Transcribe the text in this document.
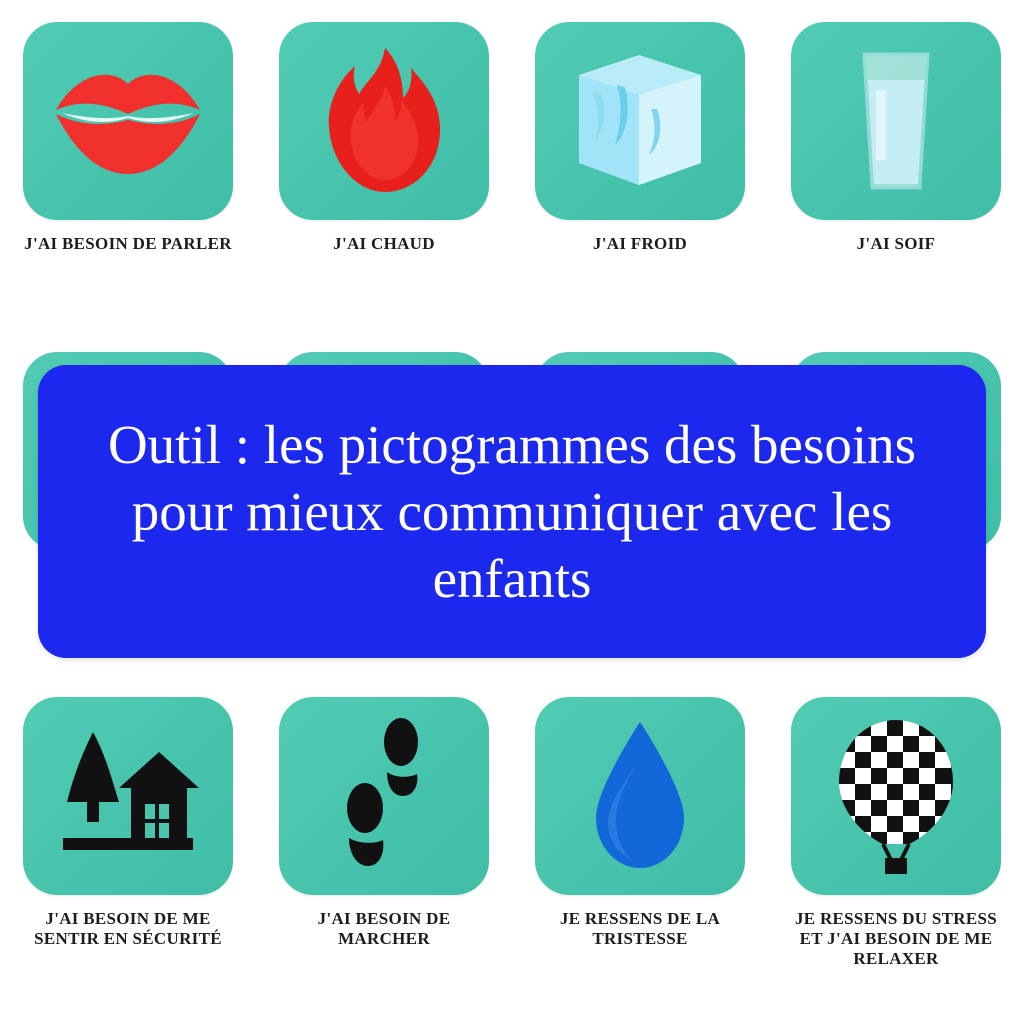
J'AI BESOIN DE PARLER	J'AI CHAUD	J'AI FROID	J'AI SOIF
J'AI BESOIN DE ME SENTIR EN SÉCURITÉ
J'AI BESOIN DE MARCHER
JE RESSENS DE LA TRISTESSE
JE RESSENS DU STRESS ET J'AI BESOIN DE ME RELAXER
Outil : les pictogrammes des besoins pour mieux communiquer avec les enfants
